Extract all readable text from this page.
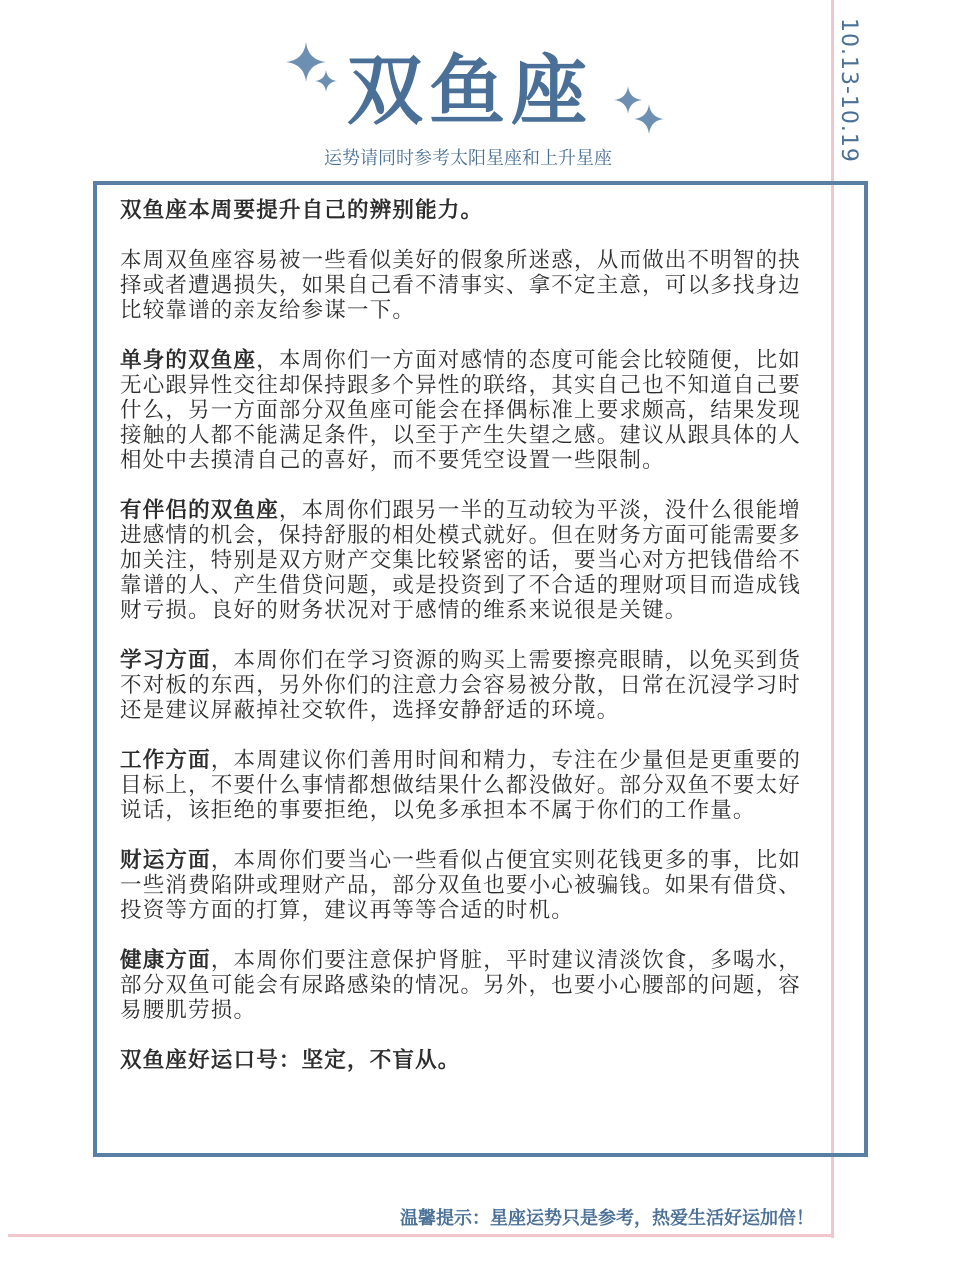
10.13-10.19
双鱼座
运势请同时参考太阳星座和上升星座

双鱼座本周要提升自己的辨别能力。

本周双鱼座容易被一些看似美好的假象所迷惑，从而做出不明智的抉择或者遭遇损失，如果自己看不清事实、拿不定主意，可以多找身边比较靠谱的亲友给参谋一下。

单身的双鱼座，本周你们一方面对感情的态度可能会比较随便，比如无心跟异性交往却保持跟多个异性的联络，其实自己也不知道自己要什么，另一方面部分双鱼座可能会在择偶标准上要求颇高，结果发现接触的人都不能满足条件，以至于产生失望之感。建议从跟具体的人相处中去摸清自己的喜好，而不要凭空设置一些限制。

有伴侣的双鱼座，本周你们跟另一半的互动较为平淡，没什么很能增进感情的机会，保持舒服的相处模式就好。但在财务方面可能需要多加关注，特别是双方财产交集比较紧密的话，要当心对方把钱借给不靠谱的人、产生借贷问题，或是投资到了不合适的理财项目而造成钱财亏损。良好的财务状况对于感情的维系来说很是关键。

学习方面，本周你们在学习资源的购买上需要擦亮眼睛，以免买到货不对板的东西，另外你们的注意力会容易被分散，日常在沉浸学习时还是建议屏蔽掉社交软件，选择安静舒适的环境。

工作方面，本周建议你们善用时间和精力，专注在少量但是更重要的目标上，不要什么事情都想做结果什么都没做好。部分双鱼不要太好说话，该拒绝的事要拒绝，以免多承担本不属于你们的工作量。

财运方面，本周你们要当心一些看似占便宜实则花钱更多的事，比如一些消费陷阱或理财产品，部分双鱼也要小心被骗钱。如果有借贷、投资等方面的打算，建议再等等合适的时机。

健康方面，本周你们要注意保护肾脏，平时建议清淡饮食，多喝水，部分双鱼可能会有尿路感染的情况。另外，也要小心腰部的问题，容易腰肌劳损。

双鱼座好运口号：坚定，不盲从。

温馨提示：星座运势只是参考，热爱生活好运加倍！
